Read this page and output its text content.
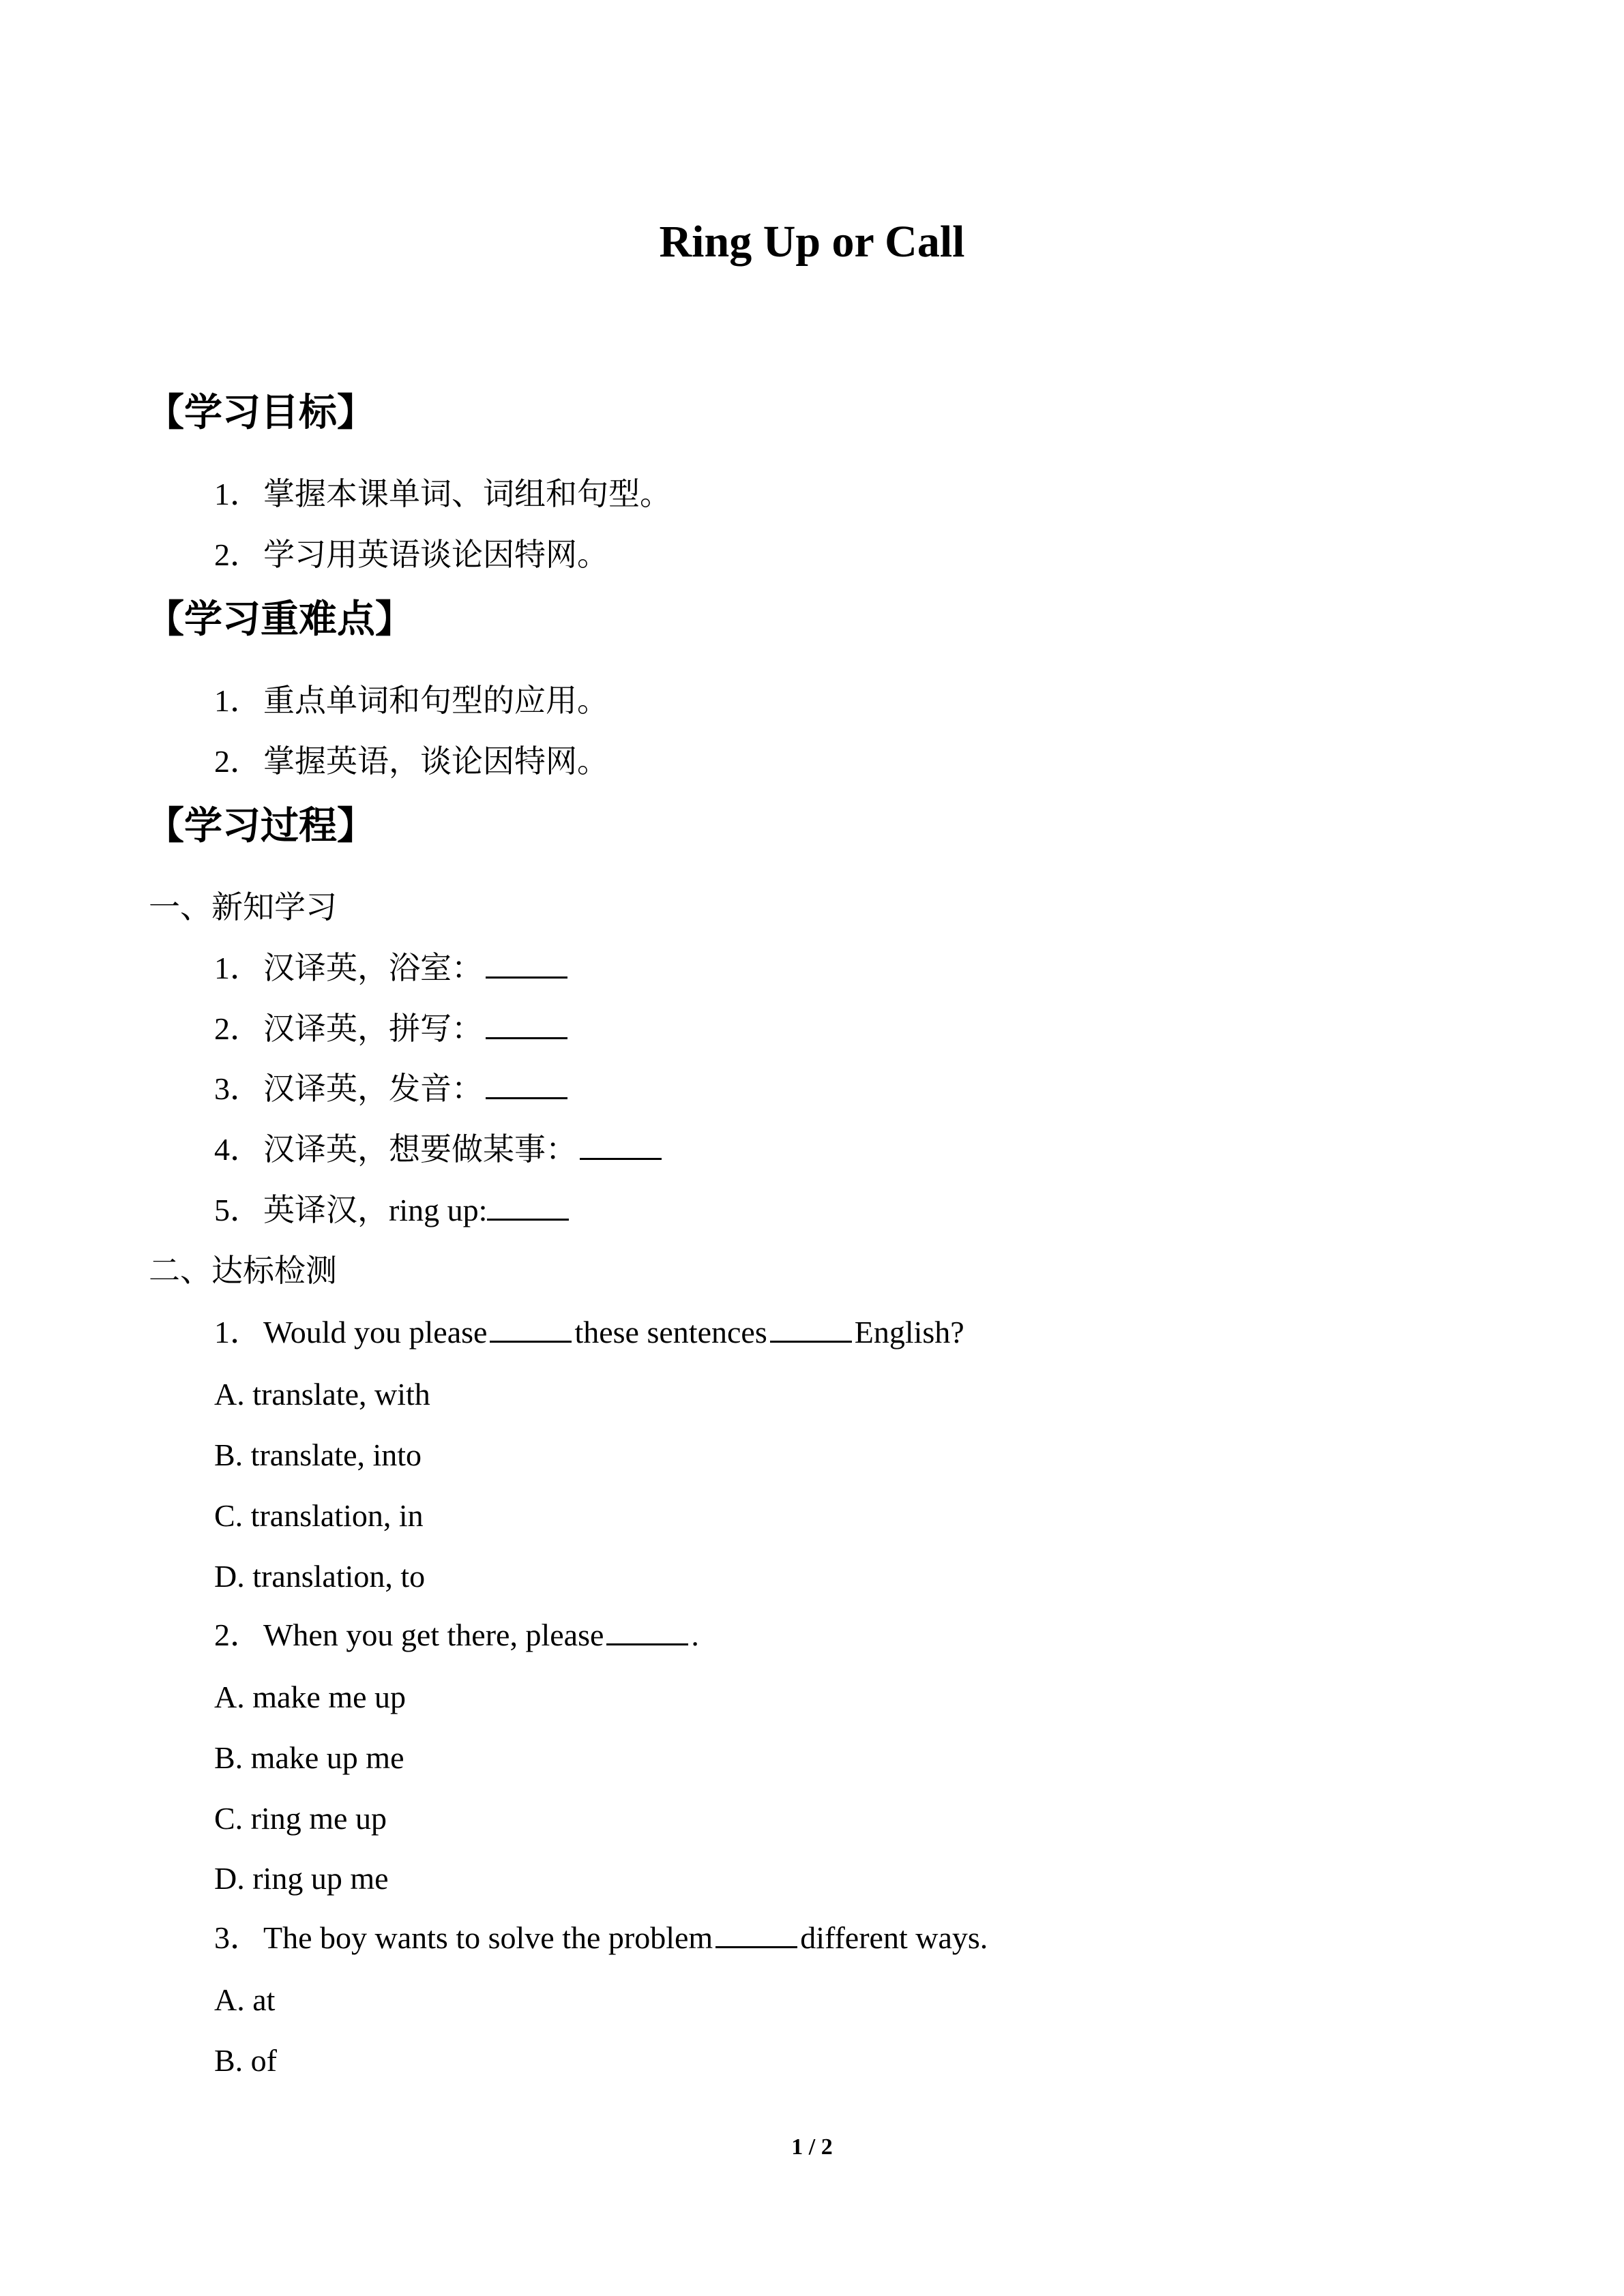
Ring Up or Call
【学习目标】
1．掌握本课单词、词组和句型。
2．学习用英语谈论因特网。
【学习重难点】
1．重点单词和句型的应用。
2．掌握英语，谈论因特网。
【学习过程】
一、新知学习
1．汉译英，浴室：
2．汉译英，拼写：
3．汉译英，发音：
4．汉译英，想要做某事：
5．英译汉，ring up:
二、达标检测
1．Would you please	these sentences	English?
A. translate, with
B. translate, into
C. translation, in
D. translation, to
2．When you get there, please	.
A. make me up
B. make up me
C. ring me up
D. ring up me
3．The boy wants to solve the problem	different ways.
A. at
B. of
1 / 2
